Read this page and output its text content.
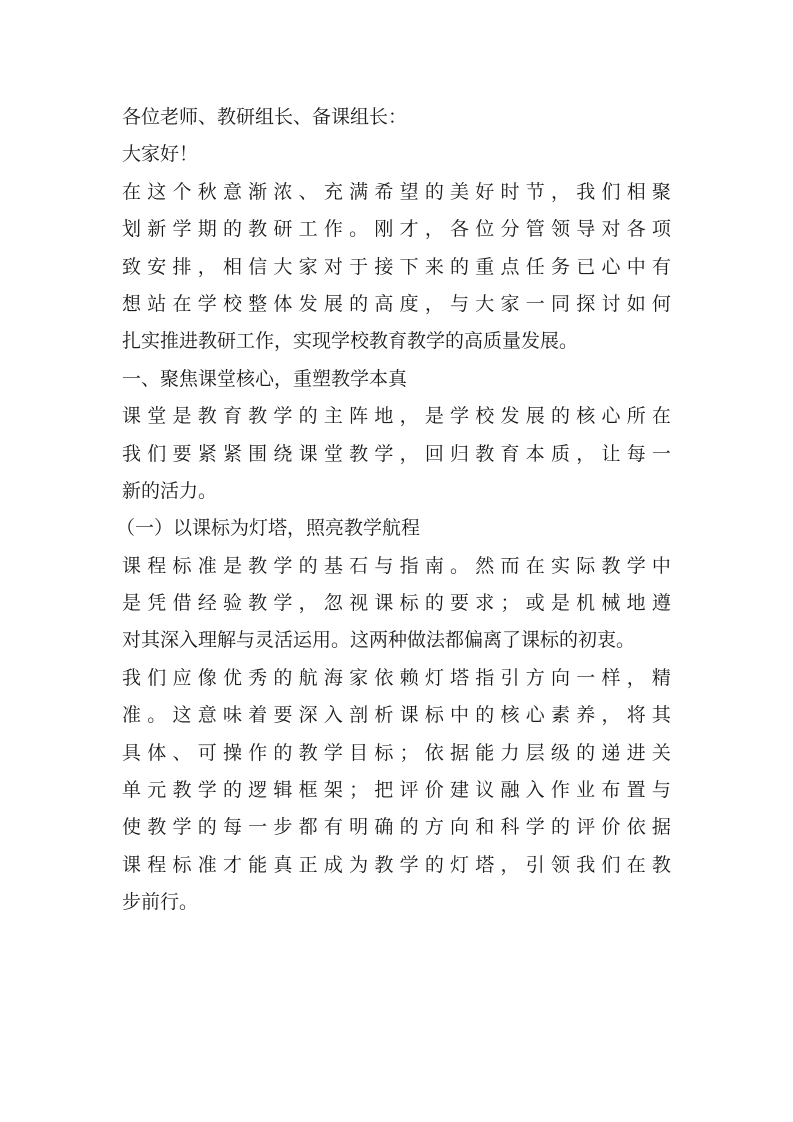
各位老师、教研组长、备课组长：
大家好！
在 这 个 秋 意 渐 浓 、 充 满 希 望 的 美 好 时 节 ， 我 们 相 聚
划 新 学 期 的 教 研 工 作 。 刚 才 ， 各 位 分 管 领 导 对 各 项
致 安 排 ， 相 信 大 家 对 于 接 下 来 的 重 点 任 务 已 心 中 有
想 站 在 学 校 整 体 发 展 的 高 度 ， 与 大 家 一 同 探 讨 如 何
扎实推进教研工作，实现学校教育教学的高质量发展。
一、聚焦课堂核心，重塑教学本真
课 堂 是 教 育 教 学 的 主 阵 地 ， 是 学 校 发 展 的 核 心 所 在
我 们 要 紧 紧 围 绕 课 堂 教 学 ， 回 归 教 育 本 质 ， 让 每 一
新的活力。
（一）以课标为灯塔，照亮教学航程
课 程 标 准 是 教 学 的 基 石 与 指 南 。 然 而 在 实 际 教 学 中
是 凭 借 经 验 教 学 ， 忽 视 课 标 的 要 求 ； 或 是 机 械 地 遵
对其深入理解与灵活运用。这两种做法都偏离了课标的初衷。
我 们 应 像 优 秀 的 航 海 家 依 赖 灯 塔 指 引 方 向 一 样 ， 精
准 。 这 意 味 着 要 深 入 剖 析 课 标 中 的 核 心 素 养 ， 将 其
具 体 、 可 操 作 的 教 学 目 标 ； 依 据 能 力 层 级 的 递 进 关
单 元 教 学 的 逻 辑 框 架 ； 把 评 价 建 议 融 入 作 业 布 置 与
使 教 学 的 每 一 步 都 有 明 确 的 方 向 和 科 学 的 评 价 依 据
课 程 标 准 才 能 真 正 成 为 教 学 的 灯 塔 ， 引 领 我 们 在 教
步前行。
